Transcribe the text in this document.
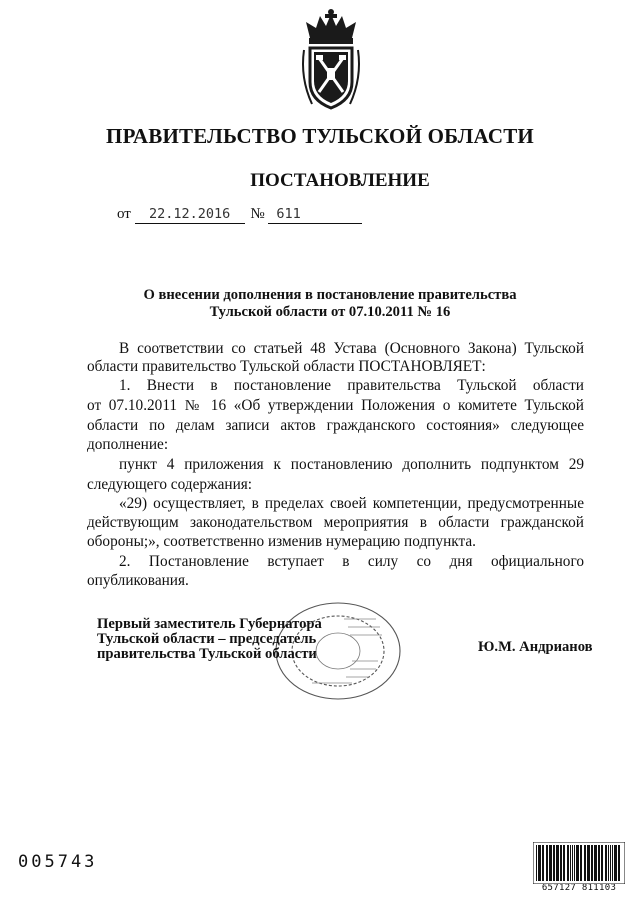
ПРАВИТЕЛЬСТВО ТУЛЬСКОЙ ОБЛАСТИ
ПОСТАНОВЛЕНИЕ
от 22.12.2016 № 611
О внесении дополнения в постановление правительства
Тульской области от 07.10.2011 № 16
В соответствии со статьей 48 Устава (Основного Закона) Тульской
области правительство Тульской области ПОСТАНОВЛЯЕТ:
1. Внести в постановление правительства Тульской области
от 07.10.2011 № 16 «Об утверждении Положения о комитете Тульской
области по делам записи актов гражданского состояния» следующее
дополнение:
пункт 4 приложения к постановлению дополнить подпунктом 29
следующего содержания:
«29) осуществляет, в пределах своей компетенции, предусмотренные
действующим законодательством мероприятия в области гражданской
обороны;», соответственно изменив нумерацию подпункта.
2. Постановление вступает в силу со дня официального
опубликования.
Первый заместитель Губернатора
Тульской области – председатель
правительства Тульской области	Ю.М. Андрианов
005743
657127 811103
